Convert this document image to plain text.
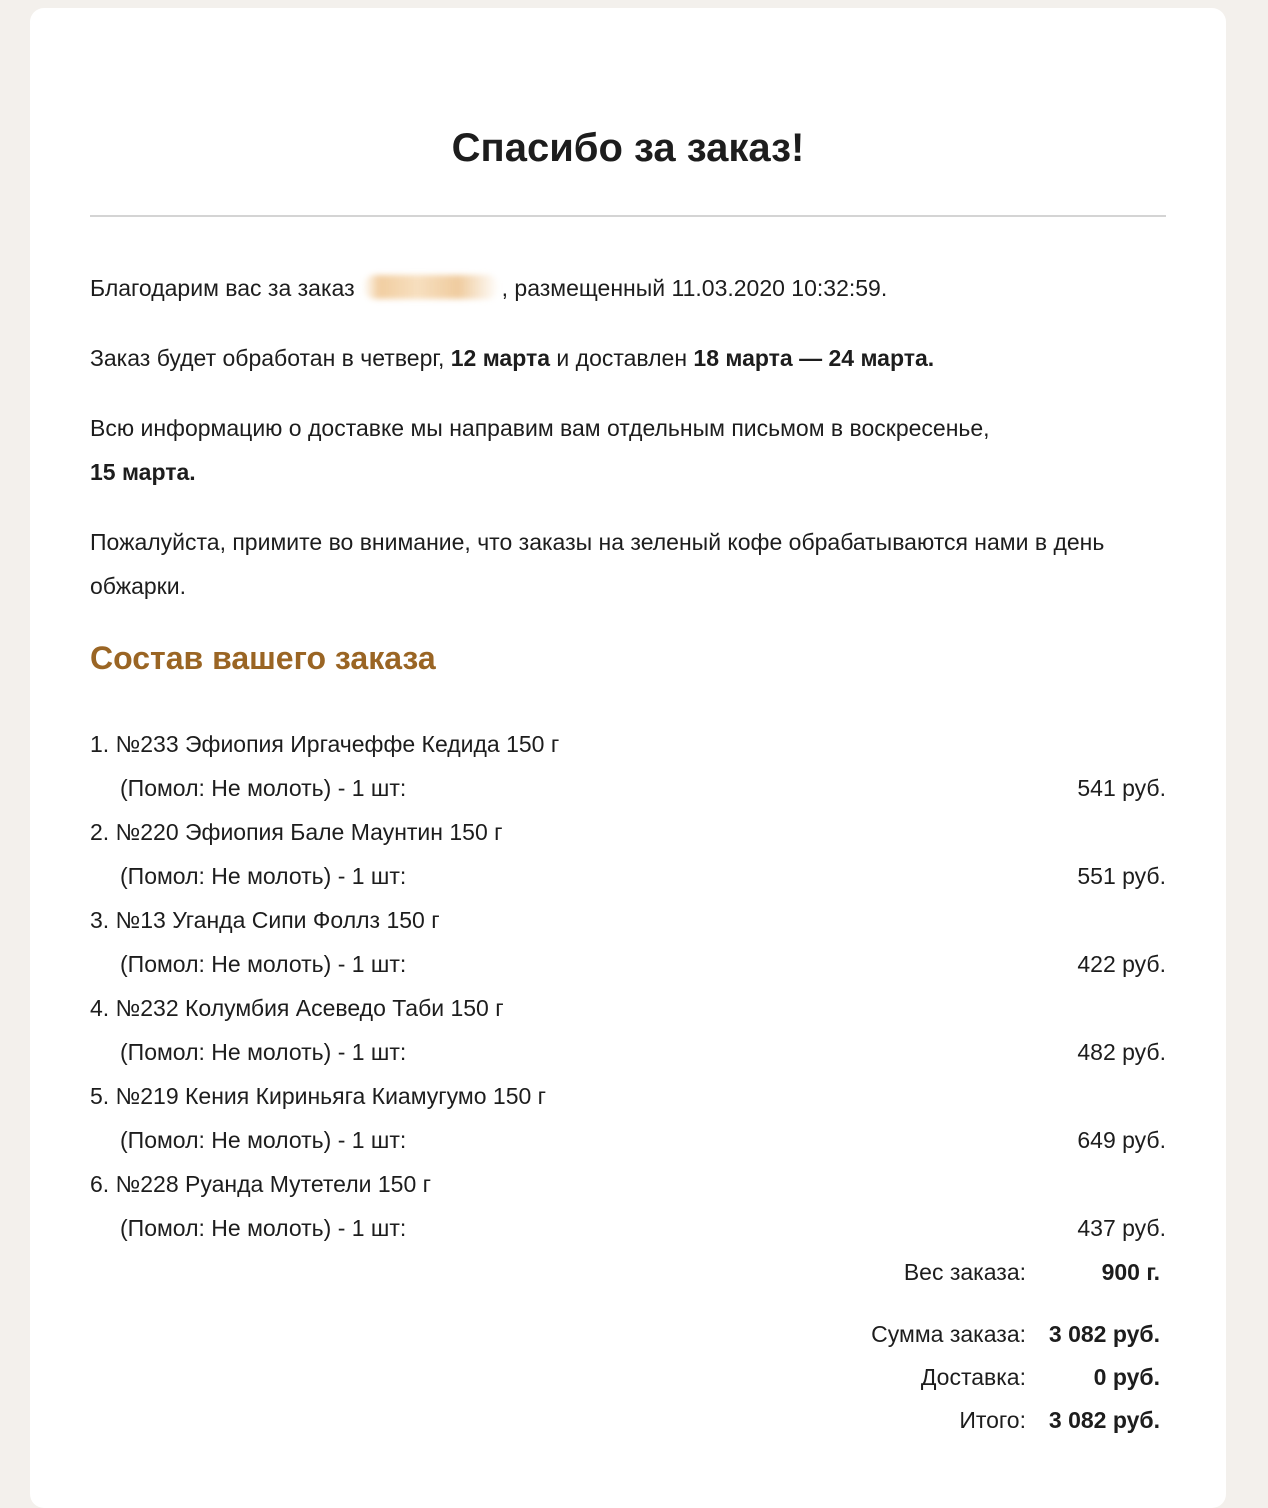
Спасибо за заказ!
Благодарим вас за заказ	, размещенный 11.03.2020 10:32:59.
Заказ будет обработан в четверг, 12 марта и доставлен 18 марта — 24 марта.
Всю информацию о доставке мы направим вам отдельным письмом в воскресенье,
15 марта.
Пожалуйста, примите во внимание, что заказы на зеленый кофе обрабатываются нами в день обжарки.
Состав вашего заказа
1. №233 Эфиопия Иргачеффе Кедида 150 г
(Помол: Не молоть) - 1 шт:	541 руб.
2. №220 Эфиопия Бале Маунтин 150 г
(Помол: Не молоть) - 1 шт:	551 руб.
3. №13 Уганда Сипи Фоллз 150 г
(Помол: Не молоть) - 1 шт:	422 руб.
4. №232 Колумбия Асеведо Таби 150 г
(Помол: Не молоть) - 1 шт:	482 руб.
5. №219 Кения Кириньяга Киамугумо 150 г
(Помол: Не молоть) - 1 шт:	649 руб.
6. №228 Руанда Мутетели 150 г
(Помол: Не молоть) - 1 шт:	437 руб.
Вес заказа:	900 г.
Сумма заказа: 3 082 руб.
Доставка:	0 руб.
Итого: 3 082 руб.
